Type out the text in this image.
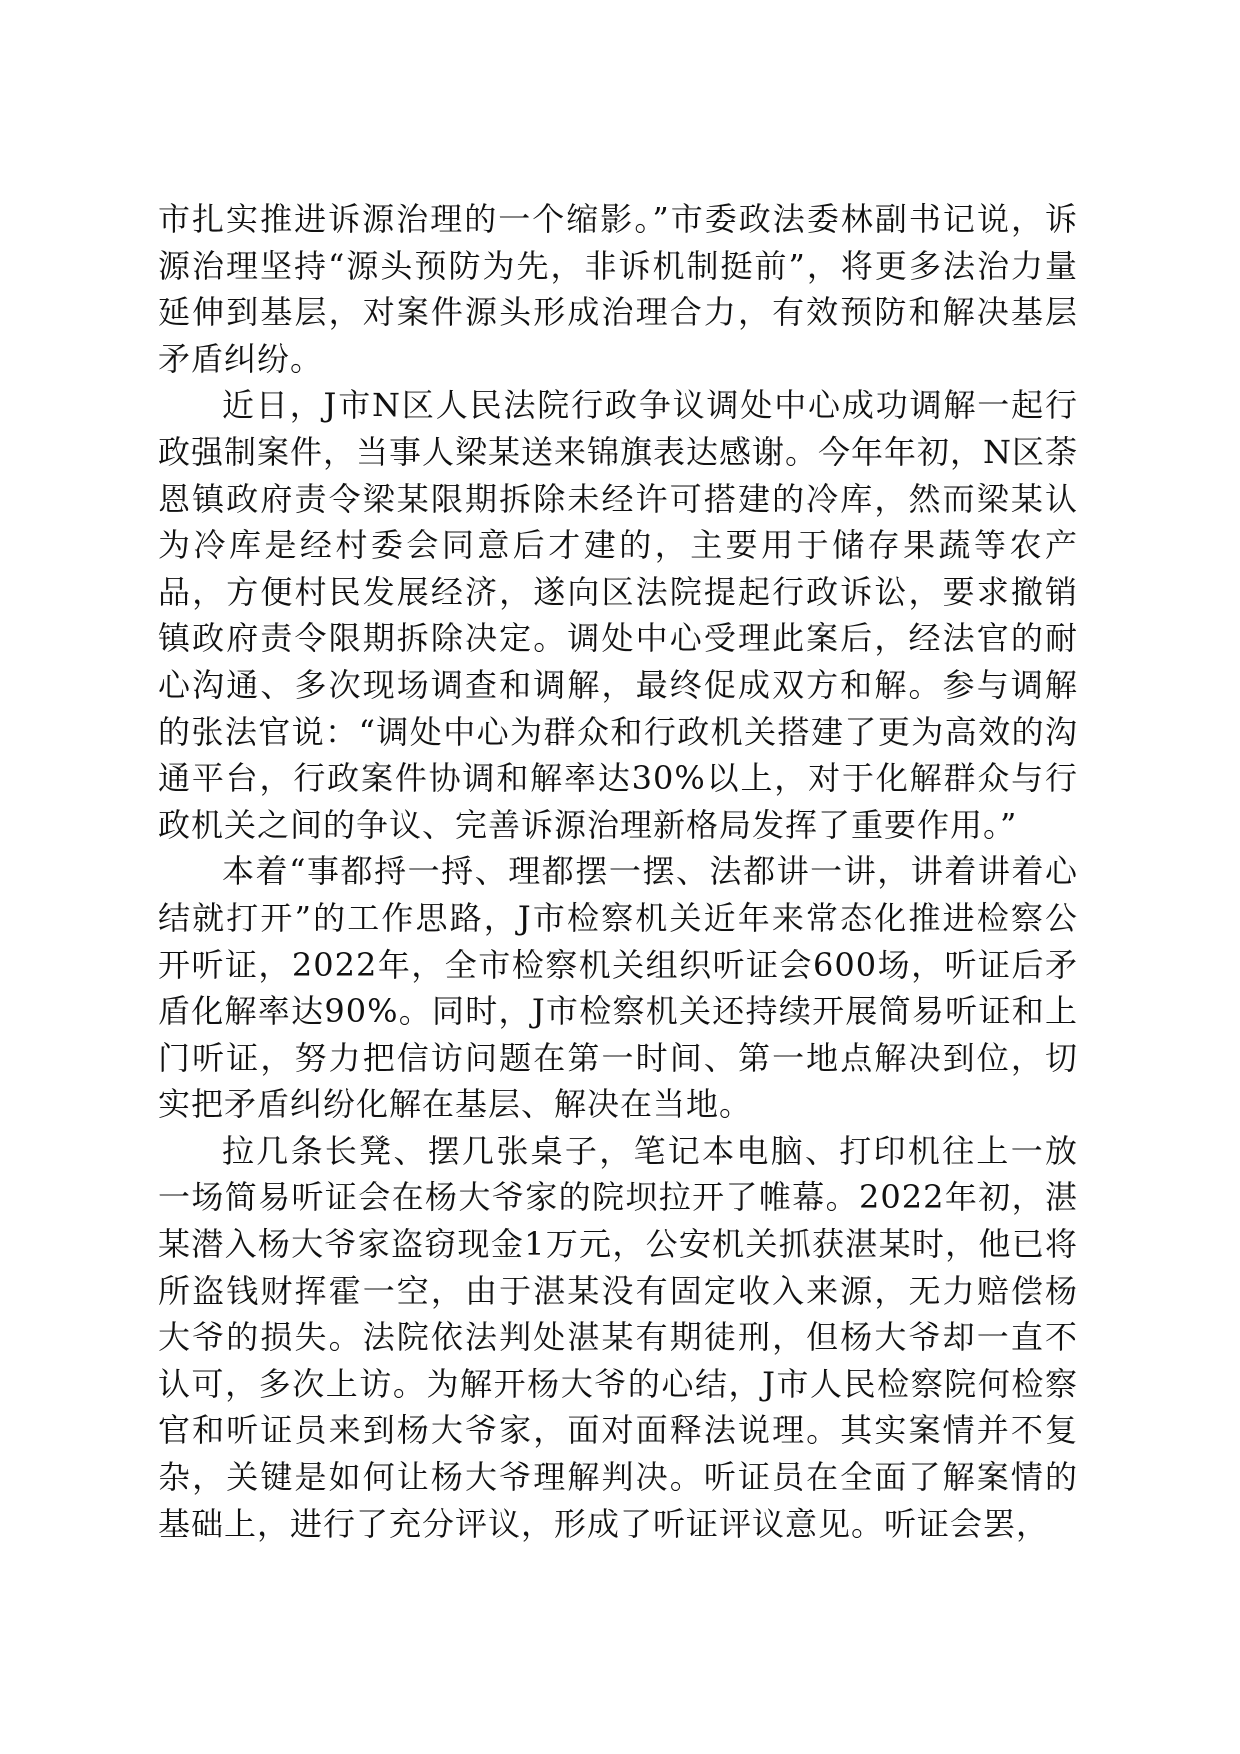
市扎实推进诉源治理的一个缩影。”市委政法委林副书记说，诉源治理坚持“源头预防为先，非诉机制挺前”，将更多法治力量延伸到基层，对案件源头形成治理合力，有效预防和解决基层矛盾纠纷。

近日，J市N区人民法院行政争议调处中心成功调解一起行政强制案件，当事人梁某送来锦旗表达感谢。今年年初，N区荼恩镇政府责令梁某限期拆除未经许可搭建的冷库，然而梁某认为冷库是经村委会同意后才建的，主要用于储存果蔬等农产品，方便村民发展经济，遂向区法院提起行政诉讼，要求撤销镇政府责令限期拆除决定。调处中心受理此案后，经法官的耐心沟通、多次现场调查和调解，最终促成双方和解。参与调解的张法官说：“调处中心为群众和行政机关搭建了更为高效的沟通平台，行政案件协调和解率达30%以上，对于化解群众与行政机关之间的争议、完善诉源治理新格局发挥了重要作用。”

本着“事都捋一捋、理都摆一摆、法都讲一讲，讲着讲着心结就打开”的工作思路，J市检察机关近年来常态化推进检察公开听证，2022年，全市检察机关组织听证会600场，听证后矛盾化解率达90%。同时，J市检察机关还持续开展简易听证和上门听证，努力把信访问题在第一时间、第一地点解决到位，切实把矛盾纠纷化解在基层、解决在当地。

拉几条长凳、摆几张桌子，笔记本电脑、打印机往上一放一场简易听证会在杨大爷家的院坝拉开了帷幕。2022年初，湛某潜入杨大爷家盗窃现金1万元，公安机关抓获湛某时，他已将所盗钱财挥霍一空，由于湛某没有固定收入来源，无力赔偿杨大爷的损失。法院依法判处湛某有期徒刑，但杨大爷却一直不认可，多次上访。为解开杨大爷的心结，J市人民检察院何检察官和听证员来到杨大爷家，面对面释法说理。其实案情并不复杂，关键是如何让杨大爷理解判决。听证员在全面了解案情的基础上，进行了充分评议，形成了听证评议意见。听证会罢，
